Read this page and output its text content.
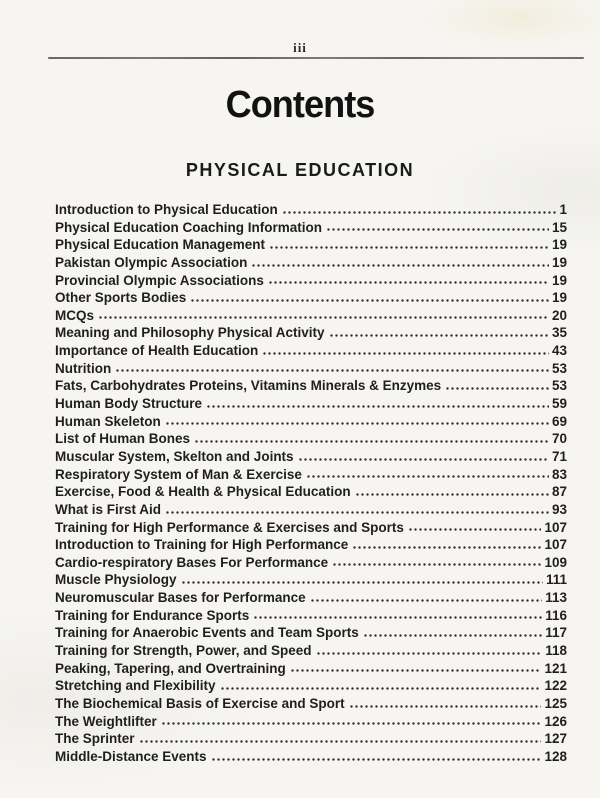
iii
Contents
PHYSICAL EDUCATION
Introduction to Physical Education	1
Physical Education Coaching Information	15
Physical Education Management	19
Pakistan Olympic Association	19
Provincial Olympic Associations	19
Other Sports Bodies	19
MCQs	20
Meaning and Philosophy Physical Activity	35
Importance of Health Education	43
Nutrition	53
Fats, Carbohydrates Proteins, Vitamins Minerals & Enzymes	53
Human Body Structure	59
Human Skeleton	69
List of Human Bones	70
Muscular System, Skelton and Joints	71
Respiratory System of Man & Exercise	83
Exercise, Food & Health & Physical Education	87
What is First Aid	93
Training for High Performance & Exercises and Sports	107
Introduction to Training for High Performance	107
Cardio-respiratory Bases For Performance	109
Muscle Physiology	111
Neuromuscular Bases for Performance	113
Training for Endurance Sports	116
Training for Anaerobic Events and Team Sports	117
Training for Strength, Power, and Speed	118
Peaking, Tapering, and Overtraining	121
Stretching and Flexibility	122
The Biochemical Basis of Exercise and Sport	125
The Weightlifter	126
The Sprinter	127
Middle-Distance Events	128
